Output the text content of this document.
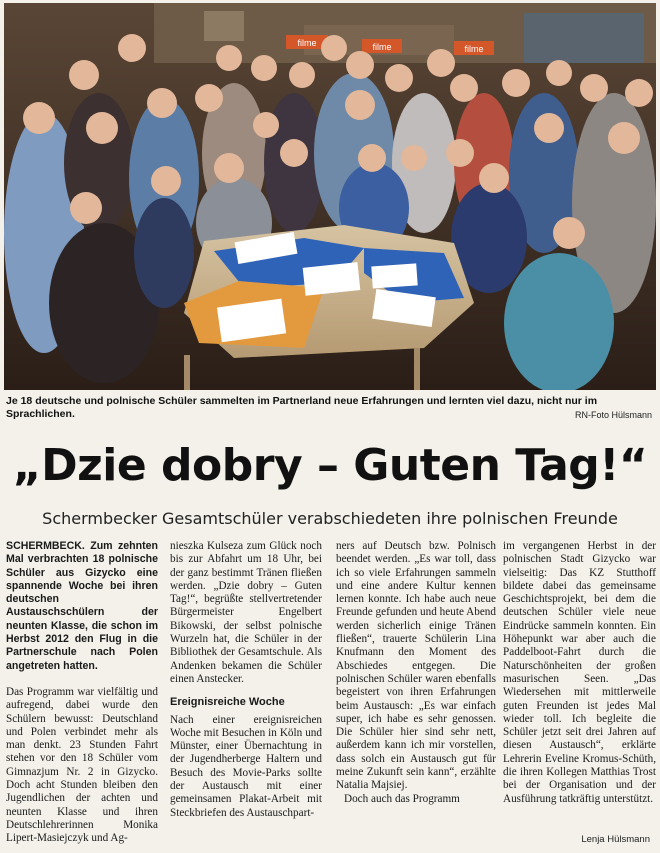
filme	filme	filme
Je 18 deutsche und polnische Schüler sammelten im Partnerland neue Erfahrungen und lernten viel dazu, nicht nur im Sprachlichen.	RN-Foto Hülsmann
„Dzie dobry – Guten Tag!“
Schermbecker Gesamtschüler verabschiedeten ihre polnischen Freunde

SCHERMBECK. Zum zehnten Mal verbrachten 18 polnische Schüler aus Gizycko eine spannende Woche bei ihren deutschen Austauschschülern der neunten Klasse, die schon im Herbst 2012 den Flug in die Partnerschule nach Polen angetreten hatten.

Das Programm war vielfältig und aufregend, dabei wurde den Schülern bewusst: Deutschland und Polen verbindet mehr als man denkt. 23 Stunden Fahrt stehen vor den 18 Schüler vom Gimnazjum Nr. 2 in Gizycko. Doch acht Stunden bleiben den Jugendlichen der achten und neunten Klasse und ihren Deutschlehrerinnen Monika Lipert-Masiejczyk und Ag-

nieszka Kulseza zum Glück noch bis zur Abfahrt um 18 Uhr, bei der ganz bestimmt Tränen fließen werden. „Dzie dobry – Guten Tag!“, begrüßte stellvertretender Bürgermeister Engelbert Bikowski, der selbst polnische Wurzeln hat, die Schüler in der Bibliothek der Gesamtschule. Als Andenken bekamen die Schüler einen Anstecker.

Ereignisreiche Woche

Nach einer ereignisreichen Woche mit Besuchen in Köln und Münster, einer Übernachtung in der Jugendherberge Haltern und Besuch des Movie-Parks sollte der Austausch mit einer gemeinsamen Plakat-Arbeit mit Steckbriefen des Austauschpart-

ners auf Deutsch bzw. Polnisch beendet werden. „Es war toll, dass ich so viele Erfahrungen sammeln und eine andere Kultur kennen lernen konnte. Ich habe auch neue Freunde gefunden und heute Abend werden sicherlich einige Tränen fließen“, trauerte Schülerin Lina Knufmann den Moment des Abschiedes entgegen. Die polnischen Schüler waren ebenfalls begeistert von ihren Erfahrungen beim Austausch: „Es war einfach super, ich habe es sehr genossen. Die Schüler hier sind sehr nett, außerdem kann ich mir vorstellen, dass solch ein Austausch gut für meine Zukunft sein kann“, erzählte Natalia Majsiej.

Doch auch das Programm

im vergangenen Herbst in der polnischen Stadt Gizycko war vielseitig: Das KZ Stutthoff bildete dabei das gemeinsame Geschichtsprojekt, bei dem die deutschen Schüler viele neue Eindrücke sammeln konnten. Ein Höhepunkt war aber auch die Paddelboot-Fahrt durch die Naturschönheiten der großen masurischen Seen. „Das Wiedersehen mit mittlerweile guten Freunden ist jedes Mal wieder toll. Ich begleite die Schüler jetzt seit drei Jahren auf diesen Austausch“, erklärte Lehrerin Eveline Kromus-Schüth, die ihren Kollegen Matthias Trost bei der Organisation und der Ausführung tatkräftig unterstützt.

Lenja Hülsmann
